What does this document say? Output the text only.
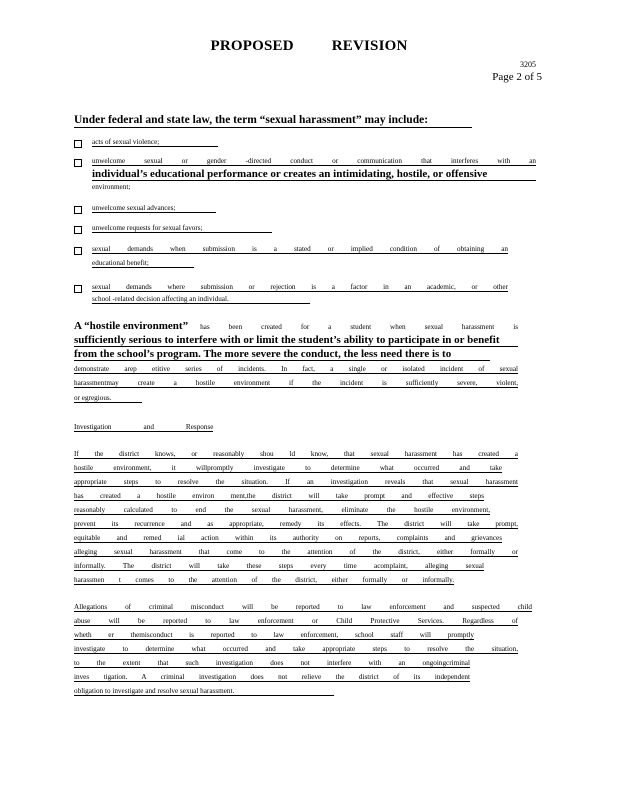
PROPOSED	REVISION
3205
Page 2 of 5
Under federal and state law, the term “sexual harassment” may include:
acts of sexual violence;
unwelcome sexual or gender -directed conduct or communication that interferes with an
individual’s educational performance or creates an intimidating, hostile, or offensive
environment;
unwelcome sexual advances;
unwelcome requests for sexual favors;
sexual demands when submission is a stated or implied condition of obtaining an
educational benefit;
sexual demands where submission or rejection is a factor in an academic, or other
school -related decision affecting an individual.
A “hostile environment” has been created for a student when sexual harassment is
sufficiently serious to interfere with or limit the student’s ability to participate in or benefit
from the school’s program. The more severe the conduct, the less need there is to
demonstrate arep etitive series of incidents. In fact, a single or isolated incident of sexual
harassmentmay create a hostile environment if the incident is sufficiently severe, violent,
or egregious.
Investigation	and	Response
If the district knows, or reasonably shou ld know, that sexual harassment has created a
hostile environment, it willpromptly investigate to determine what occurred and take
appropriate steps to resolve the situation. If an investigation reveals that sexual harassment
has created a hostile environ ment,the district will take prompt and effective steps
reasonably calculated to end the sexual harassment, eliminate the hostile environment,
prevent its recurrence and as appropriate, remedy its effects. The district will take prompt,
equitable and remed ial action within its authority on reports, complaints and grievances
alleging sexual harassment that come to the attention of the district, either formally or
informally. The district will take these steps every time acomplaint, alleging sexual
harassmen t comes to the attention of the district, either formally or informally.
Allegations of criminal misconduct will be reported to law enforcement and suspected child
abuse will be reported to law enforcement or Child Protective Services. Regardless of
wheth er themisconduct is reported to law enforcement, school staff will promptly
investigate to determine what occurred and take appropriate steps to resolve the situation,
to the extent that such investigation does not interfere with an ongoingcriminal
inves tigation. A criminal investigation does not relieve the district of its independent
obligation to investigate and resolve sexual harassment.
